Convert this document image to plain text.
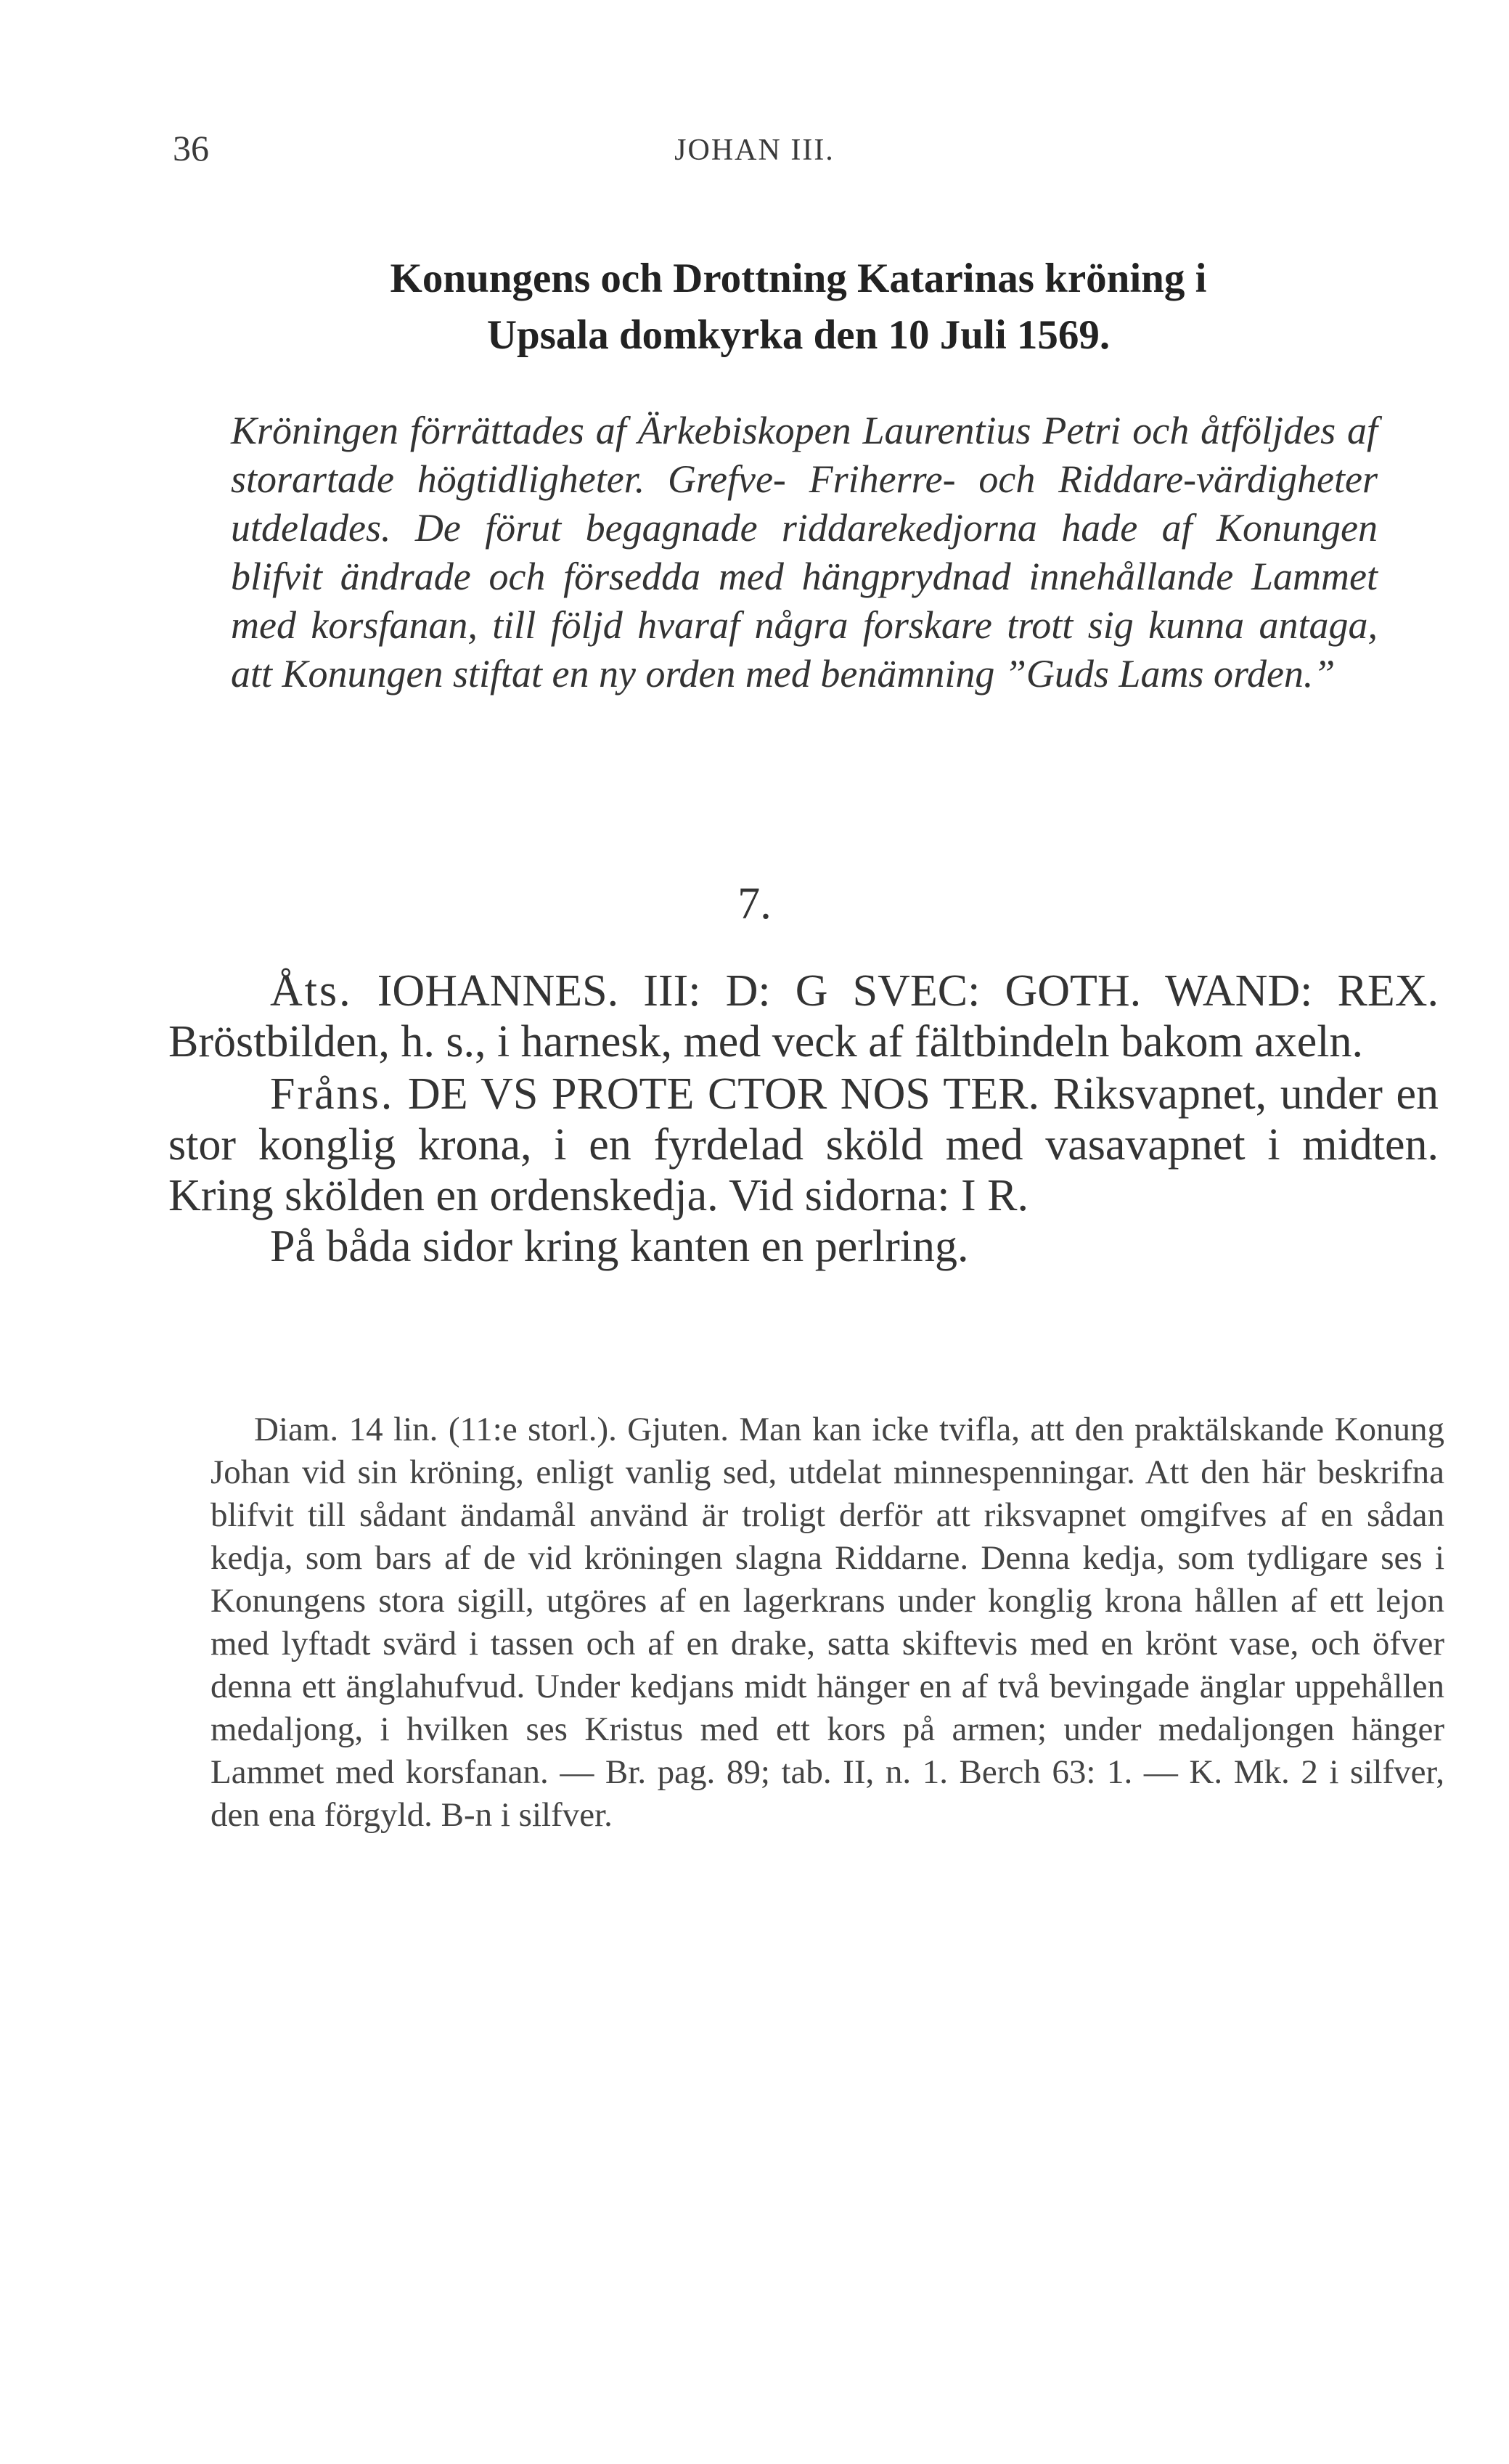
36	JOHAN III.
Konungens och Drottning Katarinas kröning i
Upsala domkyrka den 10 Juli 1569.
Kröningen förrättades af Ärkebiskopen Laurentius Petri och åtföljdes af storartade högtidligheter. Grefve- Friherre- och Riddare-värdigheter utdelades. De förut begagnade riddarekedjorna hade af Konungen blifvit ändrade och försedda med hängprydnad innehållande Lammet med korsfanan, till följd hvaraf några forskare trott sig kunna antaga, att Konungen stiftat en ny orden med benämning ”Guds Lams orden.”
7.

Åts. IOHANNES. III: D: G SVEC: GOTH. WAND: REX. Bröstbilden, h. s., i harnesk, med veck af fältbindeln bakom axeln.

Fråns. DE VS PROTE CTOR NOS TER. Riksvapnet, under en stor konglig krona, i en fyrdelad sköld med vasavapnet i midten. Kring skölden en ordenskedja. Vid sidorna: I R.

På båda sidor kring kanten en perlring.

Diam. 14 lin. (11:e storl.). Gjuten. Man kan icke tvifla, att den praktälskande Konung Johan vid sin kröning, enligt vanlig sed, utdelat minnespenningar. Att den här beskrifna blifvit till sådant ändamål använd är troligt derför att riksvapnet omgifves af en sådan kedja, som bars af de vid kröningen slagna Riddarne. Denna kedja, som tydligare ses i Konungens stora sigill, utgöres af en lagerkrans under konglig krona hållen af ett lejon med lyftadt svärd i tassen och af en drake, satta skiftevis med en krönt vase, och öfver denna ett änglahufvud. Under kedjans midt hänger en af två bevingade änglar uppehållen medaljong, i hvilken ses Kristus med ett kors på armen; under medaljongen hänger Lammet med korsfanan. — Br. pag. 89; tab. II, n. 1. Berch 63: 1. — K. Mk. 2 i silfver, den ena förgyld. B-n i silfver.
